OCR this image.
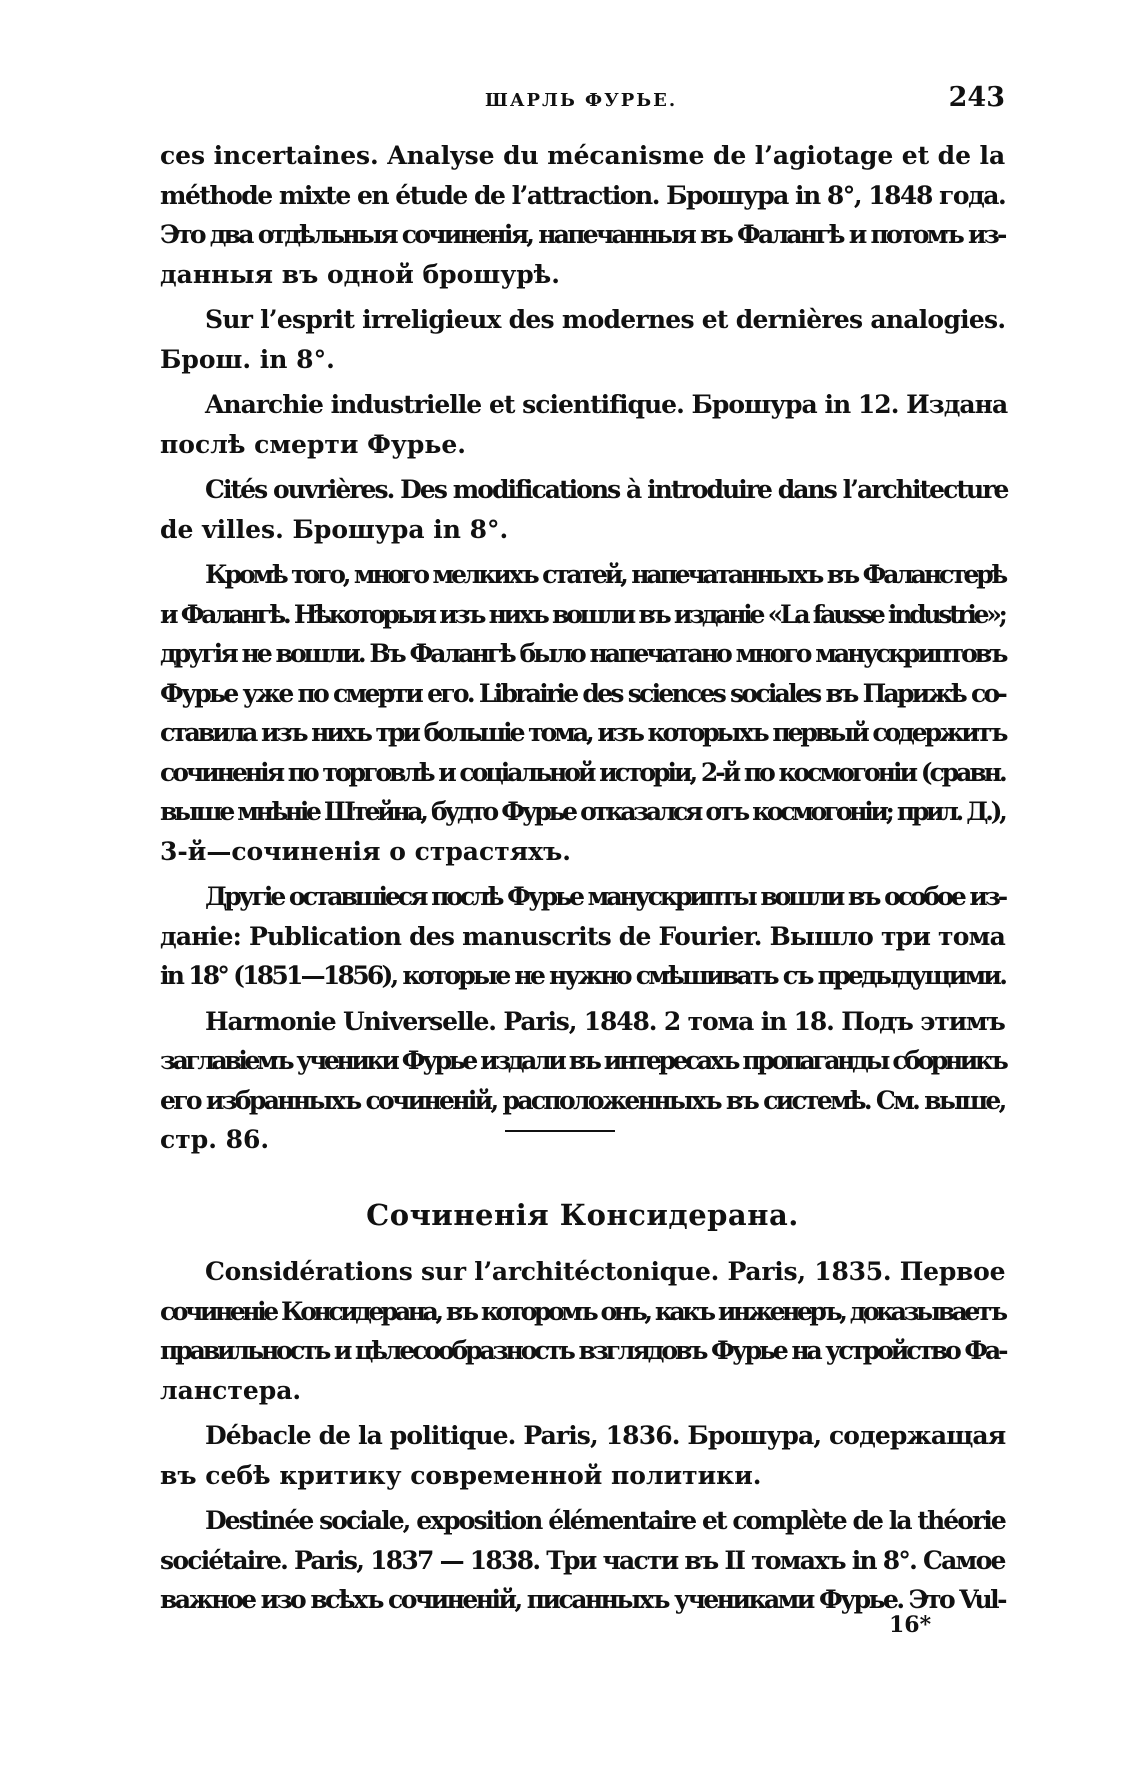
ШАРЛЬ ФУРЬЕ.	243

ces incertaines. Analyse du mécanisme de l’agiotage et de la
méthode mixte en étude de l’attraction. Брошура in 8°, 1848 года.
Это два отдѣльныя сочиненія, напечанныя въ Фалангѣ и потомъ из-
данныя въ одной брошурѣ.

Sur l’esprit irreligieux des modernes et dernières analogies.
Брош. in 8°.

Anarchie industrielle et scientifique. Брошура in 12. Издана
послѣ смерти Фурье.

Cités ouvrières. Des modifications à introduire dans l’architecture
de villes. Брошура in 8°.

Кромѣ того, много мелкихъ статей, напечатанныхъ въ Фаланстерѣ
и Фалангѣ. Нѣкоторыя изъ нихъ вошли въ изданіе «La fausse industrie»;
другія не вошли. Въ Фалангѣ было напечатано много манускриптовъ
Фурье уже по смерти его. Librairie des sciences sociales въ Парижѣ со-
ставила изъ нихъ три большіе тома, изъ которыхъ первый содержитъ
сочиненія по торговлѣ и соціальной исторіи, 2-й по космогоніи (сравн.
выше мнѣніе Штейна, будто Фурье отказался отъ космогоніи; прил. Д.),
3-й—сочиненія о страстяхъ.

Другіе оставшіеся послѣ Фурье манускрипты вошли въ особое из-
даніе: Publication des manuscrits de Fourier. Вышло три тома
in 18° (1851—1856), которые не нужно смѣшивать съ предыдущими.

Harmonie Universelle. Paris, 1848. 2 тома in 18. Подъ этимъ
заглавіемъ ученики Фурье издали въ интересахъ пропаганды сборникъ
его избранныхъ сочиненій, расположенныхъ въ системѣ. См. выше,
стр. 86.

Сочиненія Консидерана.

Considérations sur l’architéctonique. Paris, 1835. Первое
сочиненіе Консидерана, въ которомъ онъ, какъ инженеръ, доказываетъ
правильность и цѣлесообразность взглядовъ Фурье на устройство Фа-
ланстера.

Débacle de la politique. Paris, 1836. Брошура, содержащая
въ себѣ критику современной политики.

Destinée sociale, exposition élémentaire et complète de la théorie
sociétaire. Paris, 1837 — 1838. Три части въ II томахъ in 8°. Самое
важное изо всѣхъ сочиненій, писанныхъ учениками Фурье. Это Vul-

16*
